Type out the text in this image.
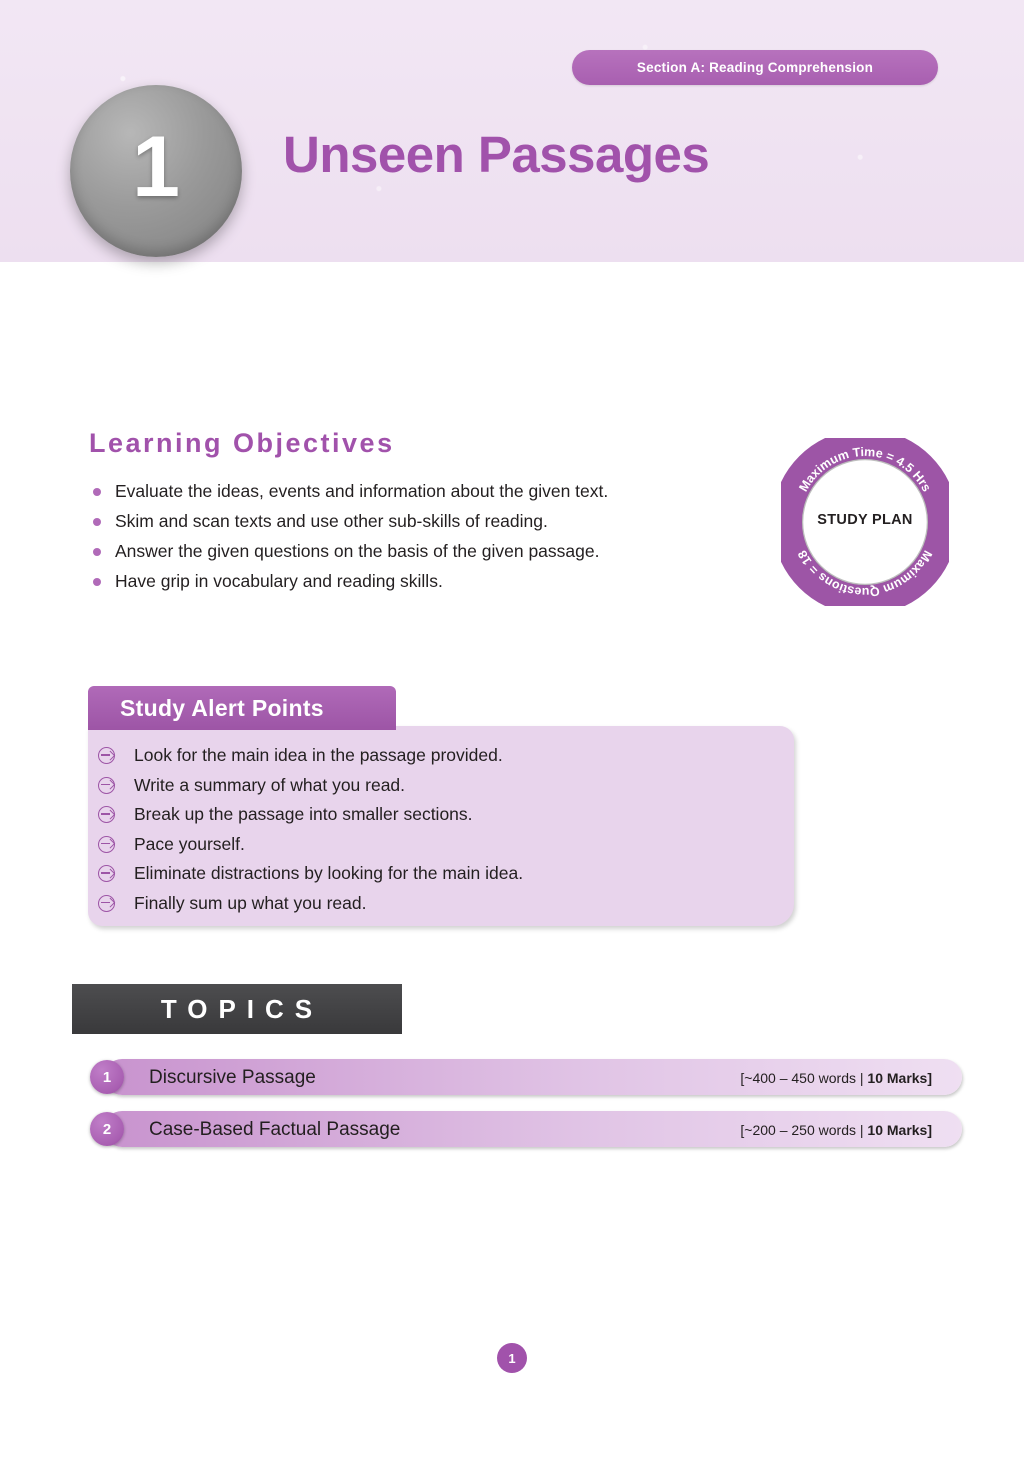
Section A: Reading Comprehension
1 Unseen Passages
Learning Objectives
Evaluate the ideas, events and information about the given text.
Skim and scan texts and use other sub-skills of reading.
Answer the given questions on the basis of the given passage.
Have grip in vocabulary and reading skills.
Maximum Time = 4.5 Hrs
Maximum Questions = 18
STUDY PLAN
Study Alert Points
Look for the main idea in the passage provided.
Write a summary of what you read.
Break up the passage into smaller sections.
Pace yourself.
Eliminate distractions by looking for the main idea.
Finally sum up what you read.
TOPICS
1	Discursive Passage	[~400 – 450 words | 10 Marks]
2	Case-Based Factual Passage	[~200 – 250 words | 10 Marks]
1
